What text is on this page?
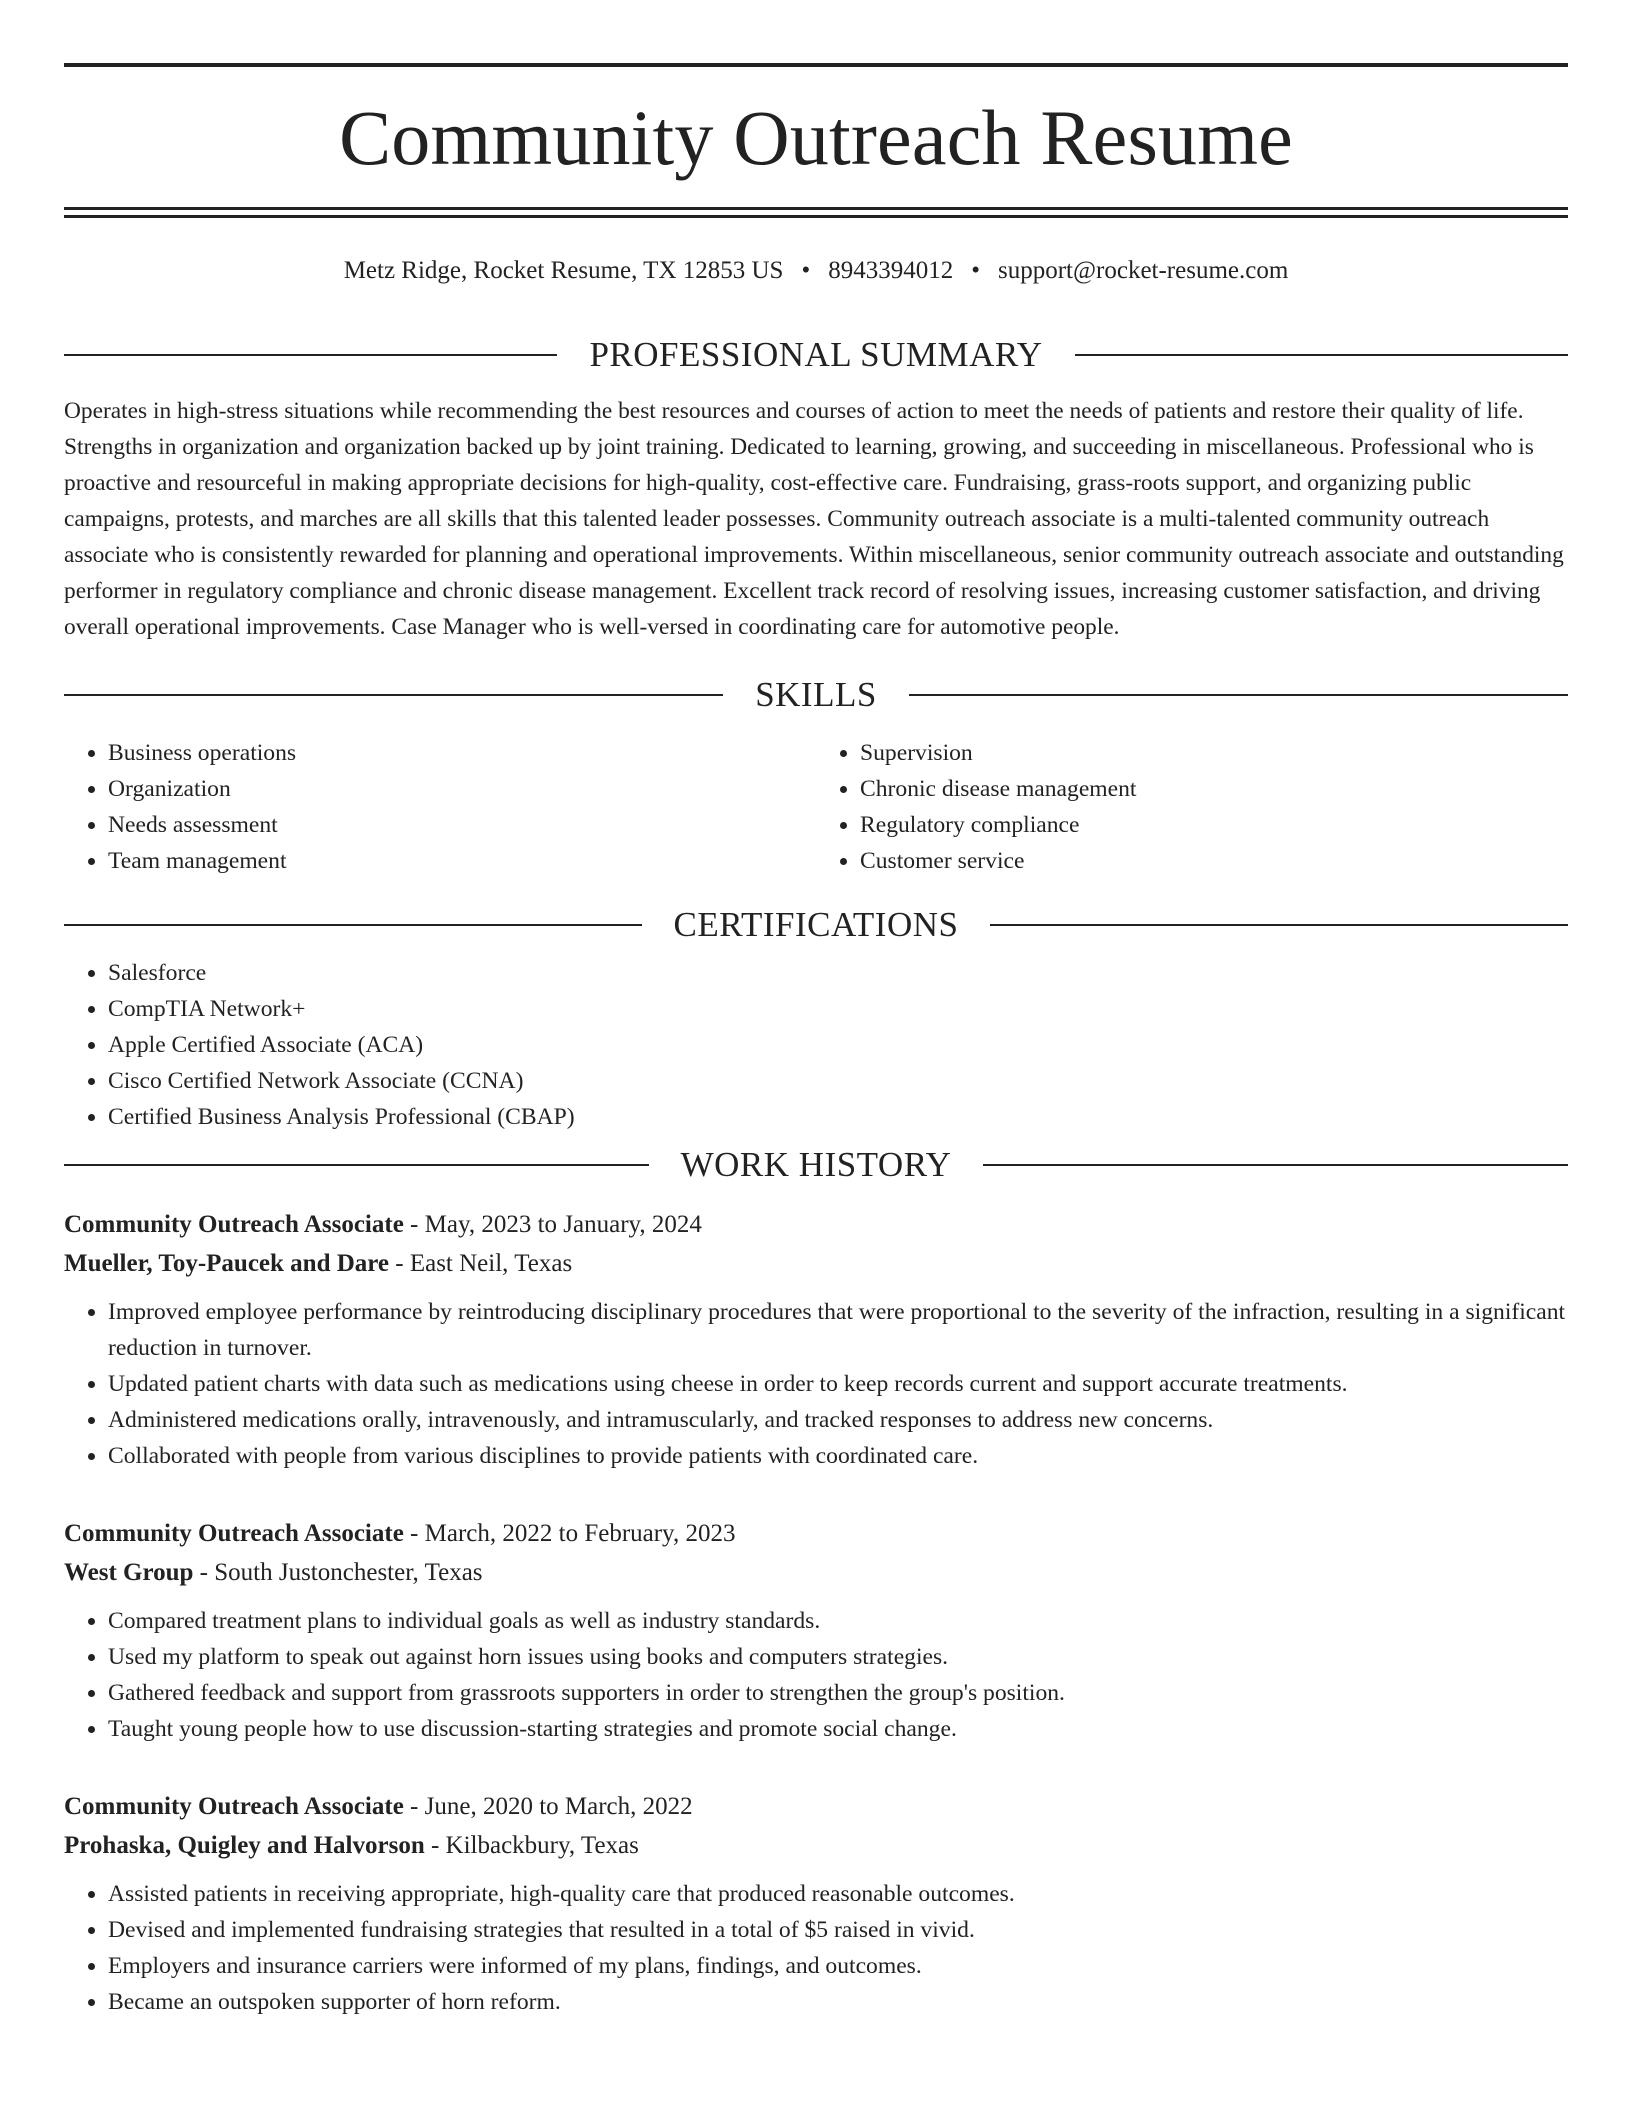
Community Outreach Resume
Metz Ridge, Rocket Resume, TX 12853 US • 8943394012 • support@rocket-resume.com
PROFESSIONAL SUMMARY
Operates in high-stress situations while recommending the best resources and courses of action to meet the needs of patients and restore their quality of life. Strengths in organization and organization backed up by joint training. Dedicated to learning, growing, and succeeding in miscellaneous. Professional who is proactive and resourceful in making appropriate decisions for high-quality, cost-effective care. Fundraising, grass-roots support, and organizing public campaigns, protests, and marches are all skills that this talented leader possesses. Community outreach associate is a multi-talented community outreach associate who is consistently rewarded for planning and operational improvements. Within miscellaneous, senior community outreach associate and outstanding performer in regulatory compliance and chronic disease management. Excellent track record of resolving issues, increasing customer satisfaction, and driving overall operational improvements. Case Manager who is well-versed in coordinating care for automotive people.
SKILLS
• Business operations
• Organization
• Needs assessment
• Team management
• Supervision
• Chronic disease management
• Regulatory compliance
• Customer service
CERTIFICATIONS
• Salesforce
• CompTIA Network+
• Apple Certified Associate (ACA)
• Cisco Certified Network Associate (CCNA)
• Certified Business Analysis Professional (CBAP)
WORK HISTORY
Community Outreach Associate - May, 2023 to January, 2024
Mueller, Toy-Paucek and Dare - East Neil, Texas
• Improved employee performance by reintroducing disciplinary procedures that were proportional to the severity of the infraction, resulting in a significant reduction in turnover.
• Updated patient charts with data such as medications using cheese in order to keep records current and support accurate treatments.
• Administered medications orally, intravenously, and intramuscularly, and tracked responses to address new concerns.
• Collaborated with people from various disciplines to provide patients with coordinated care.
Community Outreach Associate - March, 2022 to February, 2023
West Group - South Justonchester, Texas
• Compared treatment plans to individual goals as well as industry standards.
• Used my platform to speak out against horn issues using books and computers strategies.
• Gathered feedback and support from grassroots supporters in order to strengthen the group's position.
• Taught young people how to use discussion-starting strategies and promote social change.
Community Outreach Associate - June, 2020 to March, 2022
Prohaska, Quigley and Halvorson - Kilbackbury, Texas
• Assisted patients in receiving appropriate, high-quality care that produced reasonable outcomes.
• Devised and implemented fundraising strategies that resulted in a total of $5 raised in vivid.
• Employers and insurance carriers were informed of my plans, findings, and outcomes.
• Became an outspoken supporter of horn reform.
